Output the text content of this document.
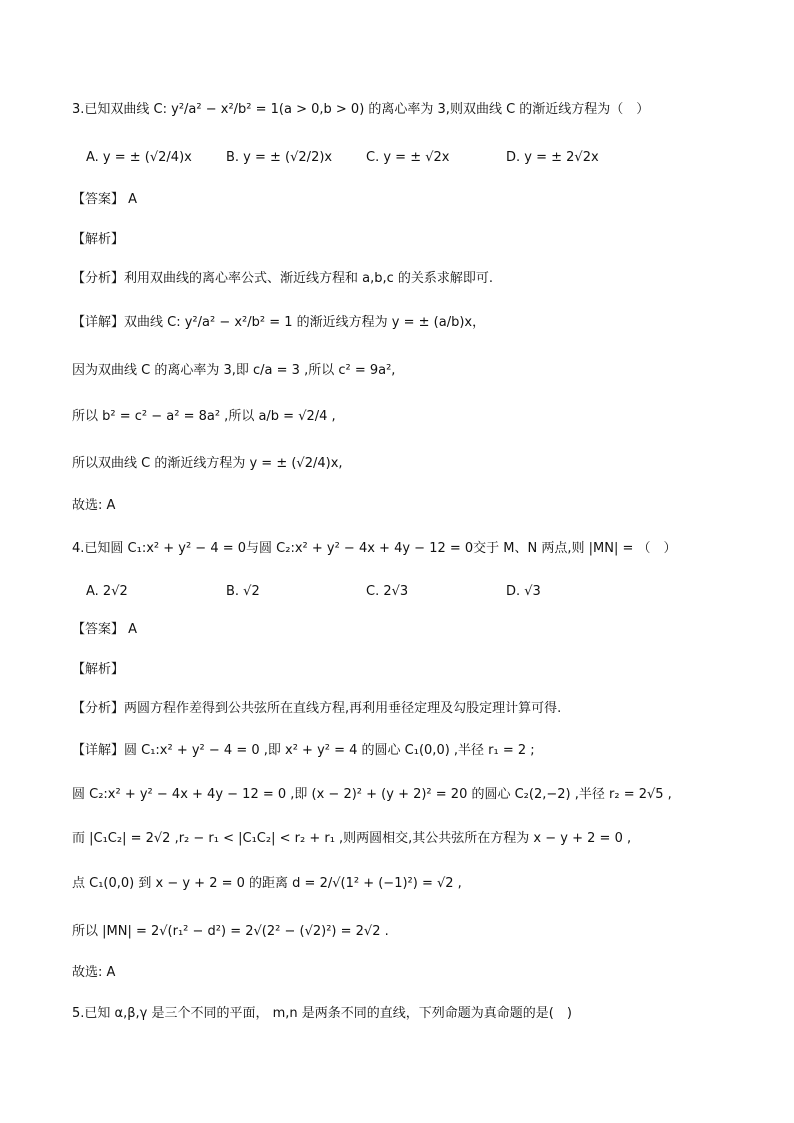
3.已知双曲线 C: y²/a² − x²/b² = 1(a > 0,b > 0) 的离心率为 3,则双曲线 C 的渐近线方程为（　）
A. y = ± (√2/4)x	B. y = ± (√2/2)x	C. y = ± √2x	D. y = ± 2√2x
【答案】 A
【解析】
【分析】利用双曲线的离心率公式、渐近线方程和 a,b,c 的关系求解即可.
【详解】双曲线 C: y²/a² − x²/b² = 1 的渐近线方程为 y = ± (a/b)x，
因为双曲线 C 的离心率为 3,即 c/a = 3 ,所以 c² = 9a²,
所以 b² = c² − a² = 8a² ,所以 a/b = √2/4 ,
所以双曲线 C 的渐近线方程为 y = ± (√2/4)x,
故选: A
4.已知圆 C₁:x² + y² − 4 = 0与圆 C₂:x² + y² − 4x + 4y − 12 = 0交于 M、N 两点,则 |MN| = （　）
A. 2√2	B. √2	C. 2√3	D. √3
【答案】 A
【解析】
【分析】两圆方程作差得到公共弦所在直线方程,再利用垂径定理及勾股定理计算可得.
【详解】圆 C₁:x² + y² − 4 = 0 ,即 x² + y² = 4 的圆心 C₁(0,0) ,半径 r₁ = 2 ;
圆 C₂:x² + y² − 4x + 4y − 12 = 0 ,即 (x − 2)² + (y + 2)² = 20 的圆心 C₂(2,−2) ,半径 r₂ = 2√5 ,
而 |C₁C₂| = 2√2 ,r₂ − r₁ < |C₁C₂| < r₂ + r₁ ,则两圆相交,其公共弦所在方程为 x − y + 2 = 0 ,
点 C₁(0,0) 到 x − y + 2 = 0 的距离 d = 2/√(1² + (−1)²) = √2 ,
所以 |MN| = 2√(r₁² − d²) = 2√(2² − (√2)²) = 2√2 .
故选: A
5.已知 α,β,γ 是三个不同的平面， m,n 是两条不同的直线，下列命题为真命题的是(　)
